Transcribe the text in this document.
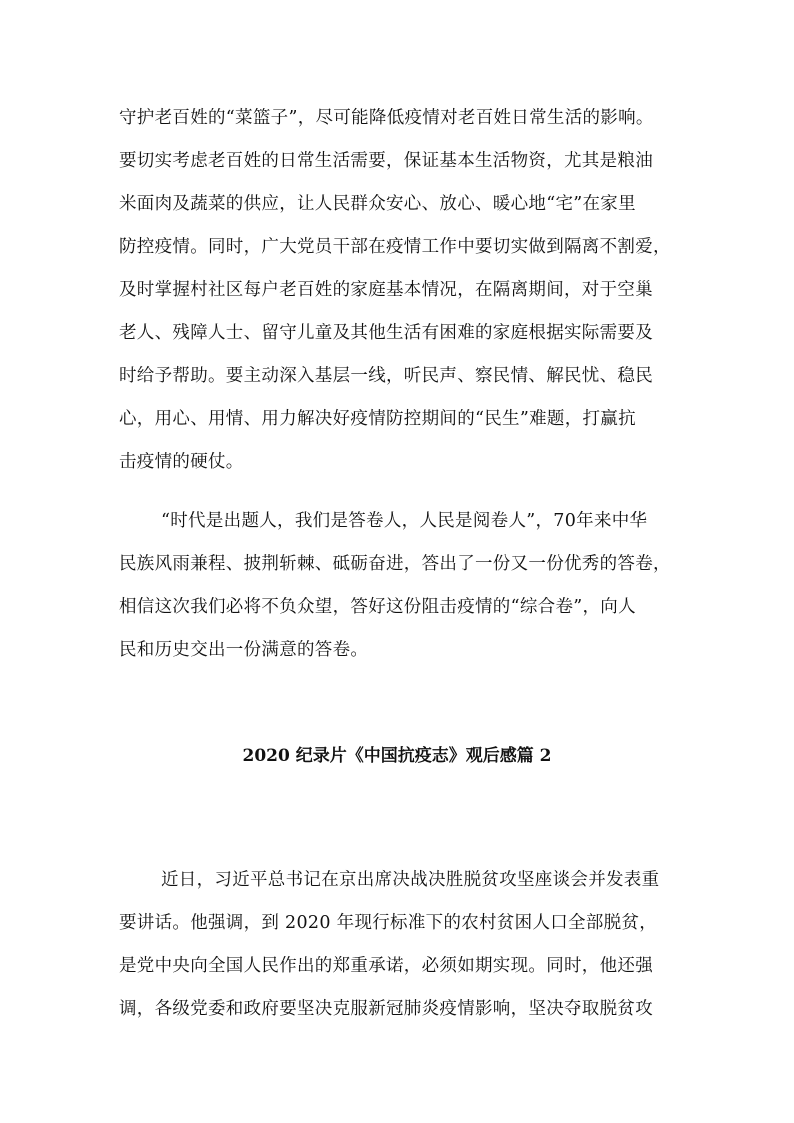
守护老百姓的“菜篮子”，尽可能降低疫情对老百姓日常生活的影响。
要切实考虑老百姓的日常生活需要，保证基本生活物资，尤其是粮油
米面肉及蔬菜的供应，让人民群众安心、放心、暖心地“宅”在家里
防控疫情。同时，广大党员干部在疫情工作中要切实做到隔离不割爱，
及时掌握村社区每户老百姓的家庭基本情况，在隔离期间，对于空巢
老人、残障人士、留守儿童及其他生活有困难的家庭根据实际需要及
时给予帮助。要主动深入基层一线，听民声、察民情、解民忧、稳民
心，用心、用情、用力解决好疫情防控期间的“民生”难题，打赢抗
击疫情的硬仗。
“时代是出题人，我们是答卷人，人民是阅卷人”，70年来中华
民族风雨兼程、披荆斩棘、砥砺奋进，答出了一份又一份优秀的答卷，
相信这次我们必将不负众望，答好这份阻击疫情的“综合卷”，向人
民和历史交出一份满意的答卷。
2020 纪录片《中国抗疫志》观后感篇 2
近日，习近平总书记在京出席决战决胜脱贫攻坚座谈会并发表重
要讲话。他强调，到 2020 年现行标准下的农村贫困人口全部脱贫，
是党中央向全国人民作出的郑重承诺，必须如期实现。同时，他还强
调，各级党委和政府要坚决克服新冠肺炎疫情影响，坚决夺取脱贫攻
